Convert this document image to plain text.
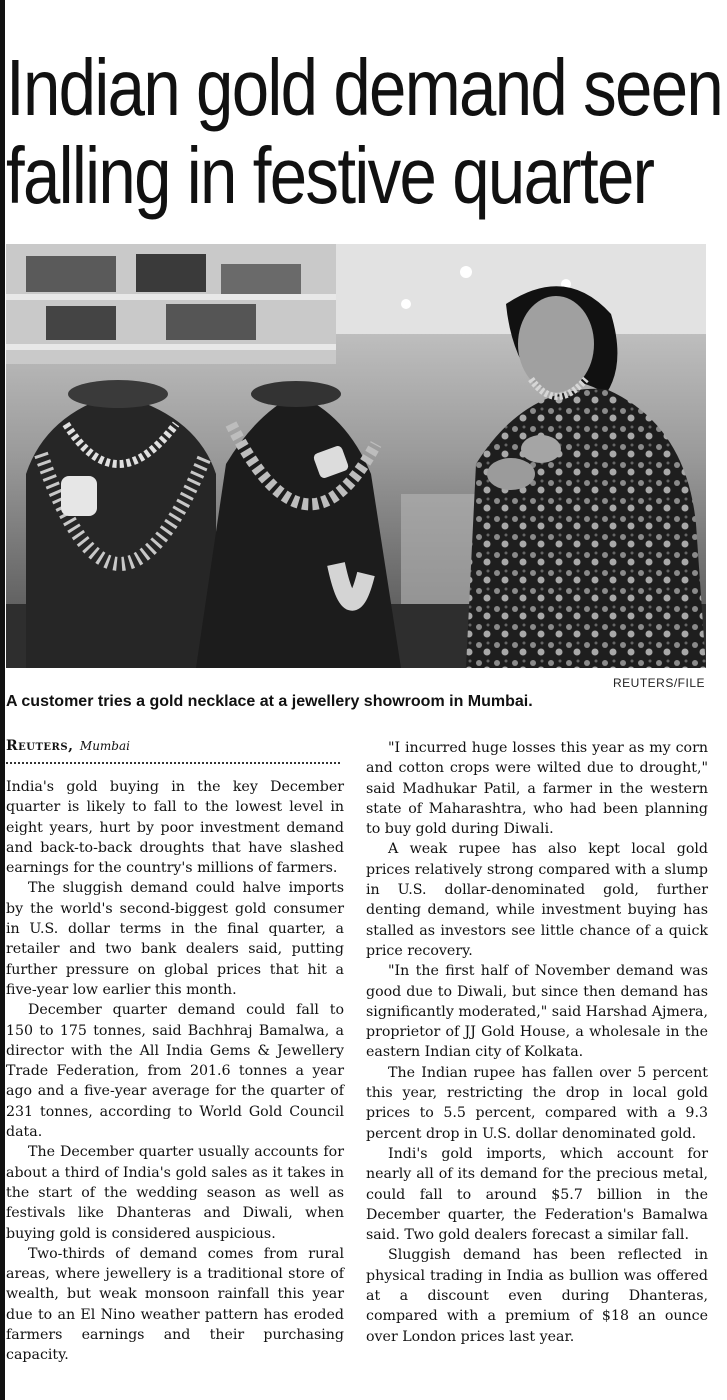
Indian gold demand seen
falling in festive quarter
REUTERS/FILE

A customer tries a gold necklace at a jewellery showroom in Mumbai.

Reuters, Mumbai

India's gold buying in the key December quarter is likely to fall to the lowest level in eight years, hurt by poor investment demand and back-to-back droughts that have slashed earnings for the country's millions of farmers.

The sluggish demand could halve imports by the world's second-biggest gold consumer in U.S. dollar terms in the final quarter, a retailer and two bank dealers said, putting further pressure on global prices that hit a five-year low earlier this month.

December quarter demand could fall to 150 to 175 tonnes, said Bachhraj Bamalwa, a director with the All India Gems & Jewellery Trade Federation, from 201.6 tonnes a year ago and a five-year average for the quarter of 231 tonnes, according to World Gold Council data.

The December quarter usually accounts for about a third of India's gold sales as it takes in the start of the wedding season as well as festivals like Dhanteras and Diwali, when buying gold is considered auspicious.

Two-thirds of demand comes from rural areas, where jewellery is a traditional store of wealth, but weak monsoon rainfall this year due to an El Nino weather pattern has eroded farmers earnings and their purchasing capacity.

"I incurred huge losses this year as my corn and cotton crops were wilted due to drought," said Madhukar Patil, a farmer in the western state of Maharashtra, who had been planning to buy gold during Diwali.

A weak rupee has also kept local gold prices relatively strong compared with a slump in U.S. dollar-denominated gold, further denting demand, while investment buying has stalled as investors see little chance of a quick price recovery.

"In the first half of November demand was good due to Diwali, but since then demand has significantly moderated," said Harshad Ajmera, proprietor of JJ Gold House, a wholesale in the eastern Indian city of Kolkata.

The Indian rupee has fallen over 5 percent this year, restricting the drop in local gold prices to 5.5 percent, compared with a 9.3 percent drop in U.S. dollar denominated gold.

Indi's gold imports, which account for nearly all of its demand for the precious metal, could fall to around $5.7 billion in the December quarter, the Federation's Bamalwa said. Two gold dealers forecast a similar fall.

Sluggish demand has been reflected in physical trading in India as bullion was offered at a discount even during Dhanteras, compared with a premium of $18 an ounce over London prices last year.
